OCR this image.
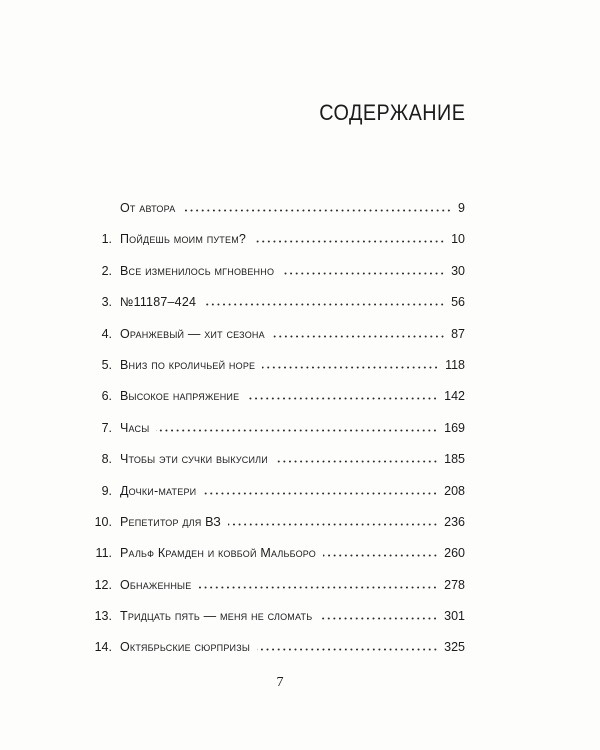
СОДЕРЖАНИЕ
От автора	9
1. Пойдешь моим путем?	10
2. Все изменилось мгновенно	30
3. №11187–424	56
4. Оранжевый — хит сезона	87
5. Вниз по кроличьей норе	118
6. Высокое напряжение	142
7. Часы	169
8. Чтобы эти сучки выкусили	185
9. Дочки-матери	208
10. Репетитор для ВЗ	236
11. Ральф Крамден и ковбой Мальборо	260
12. Обнаженные	278
13. Тридцать пять — меня не сломать	301
14. Октябрьские сюрпризы	325
7
